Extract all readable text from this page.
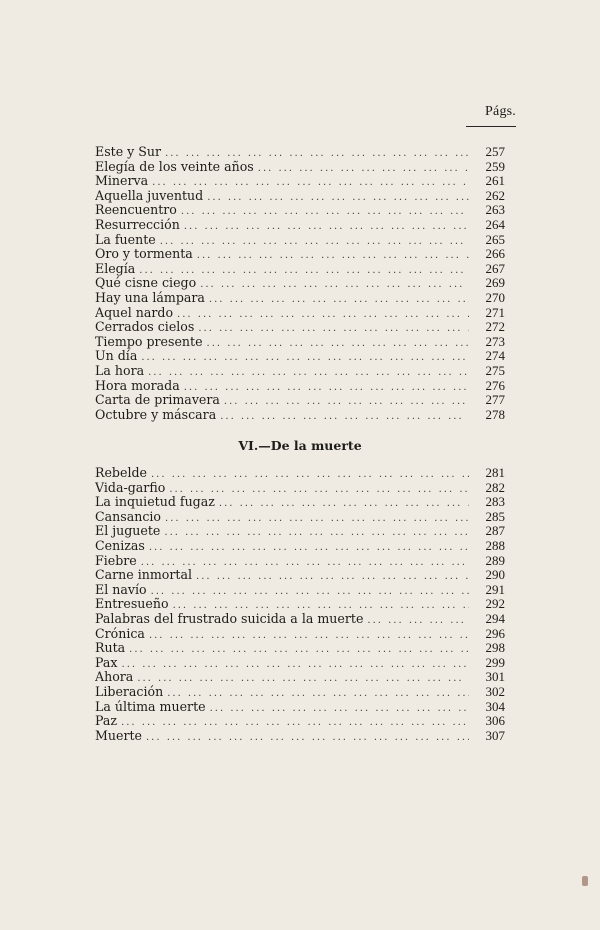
Págs.
Este y Sur ... .	257
Elegía de los veinte años ... .	259
Minerva ... .	261
Aquella juventud ... .	262
Reencuentro ... .	263
Resurrección ... .	264
La fuente ... .	265
Oro y tormenta ... .	266
Elegía ... .	267
Qué cisne ciego ... .	269
Hay una lámpara ... .	270
Aquel nardo ... .	271
Cerrados cielos ... .	272
Tiempo presente ... .	273
Un día ... .	274
La hora ... .	275
Hora morada ... .	276
Carta de primavera ... .	277
Octubre y máscara ... .	278
VI.—De la muerte
Rebelde ... .	281
Vida-garfio ... .	282
La inquietud fugaz ... .	283
Cansancio ... .	285
El juguete ... .	287
Cenizas ... .	288
Fiebre ... .	289
Carne inmortal ... .	290
El navío ... .	291
Entresueño ... .	292
Palabras del frustrado suicida a la muerte ... .	294
Crónica ... .	296
Ruta ... .	298
Pax ... .	299
Ahora ... .	301
Liberación ... .	302
La última muerte ... .	304
Paz ... .	306
Muerte ... .	307
